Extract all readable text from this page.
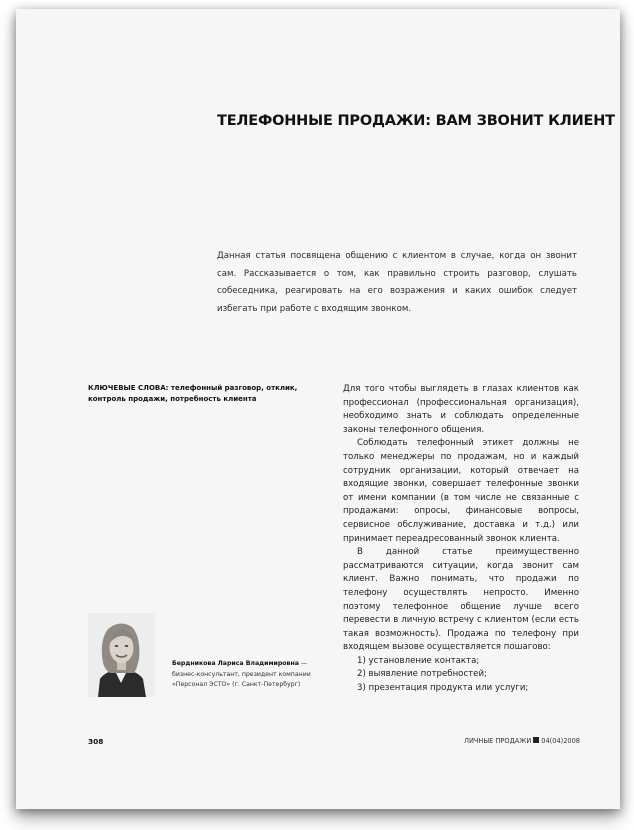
ТЕЛЕФОННЫЕ ПРОДАЖИ: ВАМ ЗВОНИТ КЛИЕНТ
Данная статья посвящена общению с клиентом в случае, когда он звонит сам. Рассказывается о том, как правильно строить разговор, слушать собеседника, реагировать на его возражения и каких ошибок следует избегать при работе с входящим звонком.
КЛЮЧЕВЫЕ СЛОВА: телефонный разговор, отклик, контроль продажи, потребность клиента

Для того чтобы выглядеть в глазах клиентов как профессионал (профессиональная организация), необходимо знать и соблюдать определенные законы телефонного общения.

Соблюдать телефонный этикет должны не только менеджеры по продажам, но и каждый сотрудник организации, который отвечает на входящие звонки, совершает телефонные звонки от имени компании (в том числе не связанные с продажами: опросы, финансовые вопросы, сервисное обслуживание, доставка и т.д.) или принимает переадресованный звонок клиента.

В данной статье преимущественно рассматриваются ситуации, когда звонит сам клиент. Важно понимать, что продажи по телефону осуществлять непросто. Именно поэтому телефонное общение лучше всего перевести в личную встречу с клиентом (если есть такая возможность). Продажа по телефону при входящем вызове осуществляется пошагово:

1) установление контакта;
2) выявление потребностей;
3) презентация продукта или услуги;
Бердникова Лариса Владимировна — бизнес-консультант, президент компании «Персонал ЭСТО» (г. Санкт-Петербург)
308	ЛИЧНЫЕ ПРОДАЖИ 04(04)2008
